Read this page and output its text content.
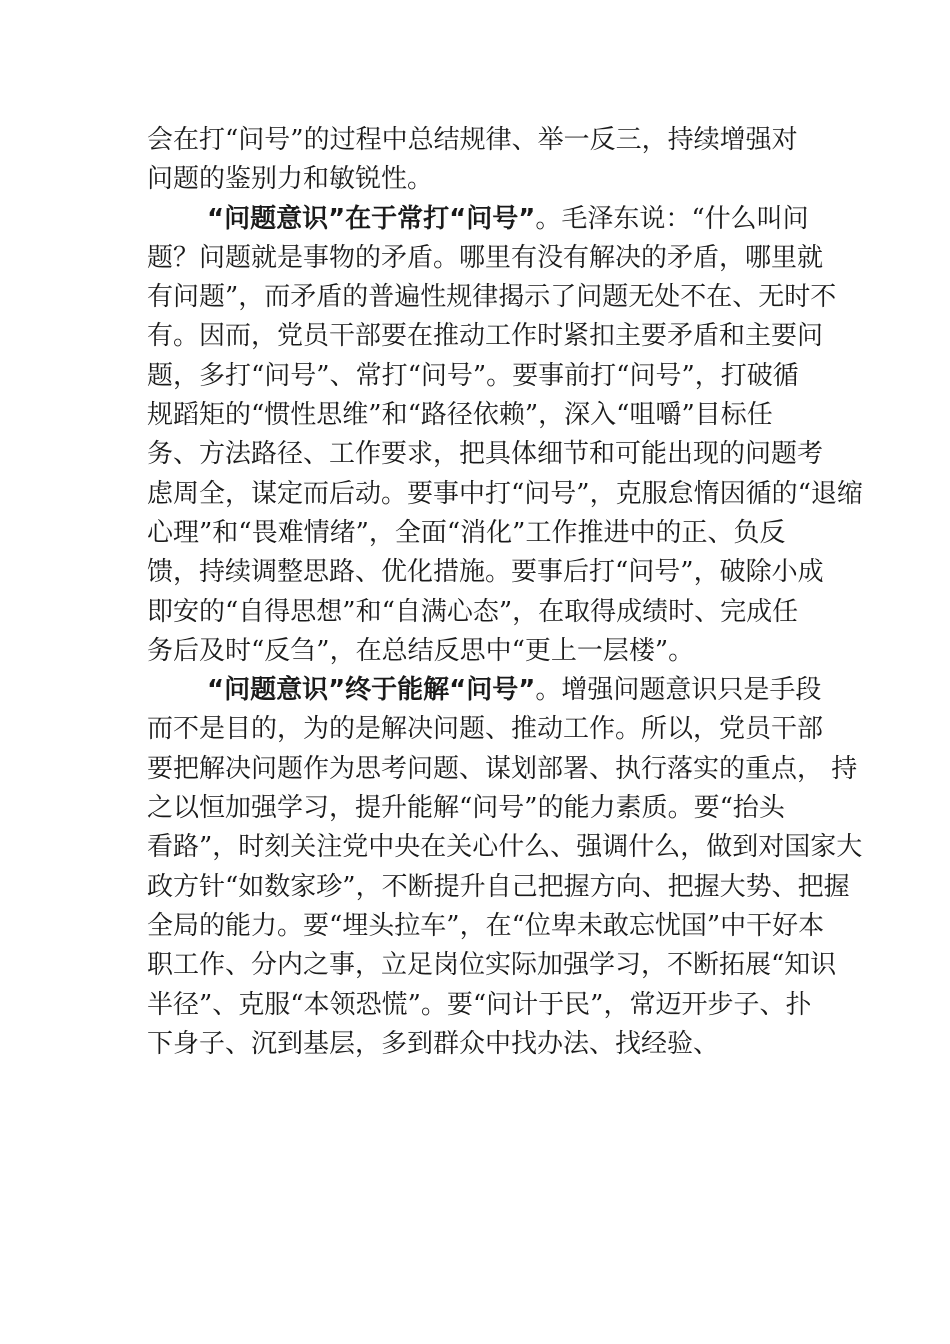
会在打“问号”的过程中总结规律、举一反三，持续增强对
问题的鉴别力和敏锐性。
“问题意识”在于常打“问号”。毛泽东说：“什么叫问
题？问题就是事物的矛盾。哪里有没有解决的矛盾，哪里就
有问题”，而矛盾的普遍性规律揭示了问题无处不在、无时不
有。因而，党员干部要在推动工作时紧扣主要矛盾和主要问
题，多打“问号”、常打“问号”。要事前打“问号”，打破循
规蹈矩的“惯性思维”和“路径依赖”，深入“咀嚼”目标任
务、方法路径、工作要求，把具体细节和可能出现的问题考
虑周全，谋定而后动。要事中打“问号”，克服怠惰因循的“退缩
心理”和“畏难情绪”，全面“消化”工作推进中的正、负反
馈，持续调整思路、优化措施。要事后打“问号”，破除小成
即安的“自得思想”和“自满心态”，在取得成绩时、完成任
务后及时“反刍”，在总结反思中“更上一层楼”。
“问题意识”终于能解“问号”。增强问题意识只是手段
而不是目的，为的是解决问题、推动工作。所以，党员干部
要把解决问题作为思考问题、谋划部署、执行落实的重点， 持
之以恒加强学习，提升能解“问号”的能力素质。要“抬头
看路”，时刻关注党中央在关心什么、强调什么，做到对国家大
政方针“如数家珍”，不断提升自己把握方向、把握大势、把握
全局的能力。要“埋头拉车”，在“位卑未敢忘忧国”中干好本
职工作、分内之事，立足岗位实际加强学习，不断拓展“知识
半径”、克服“本领恐慌”。要“问计于民”，常迈开步子、扑
下身子、沉到基层，多到群众中找办法、找经验、
